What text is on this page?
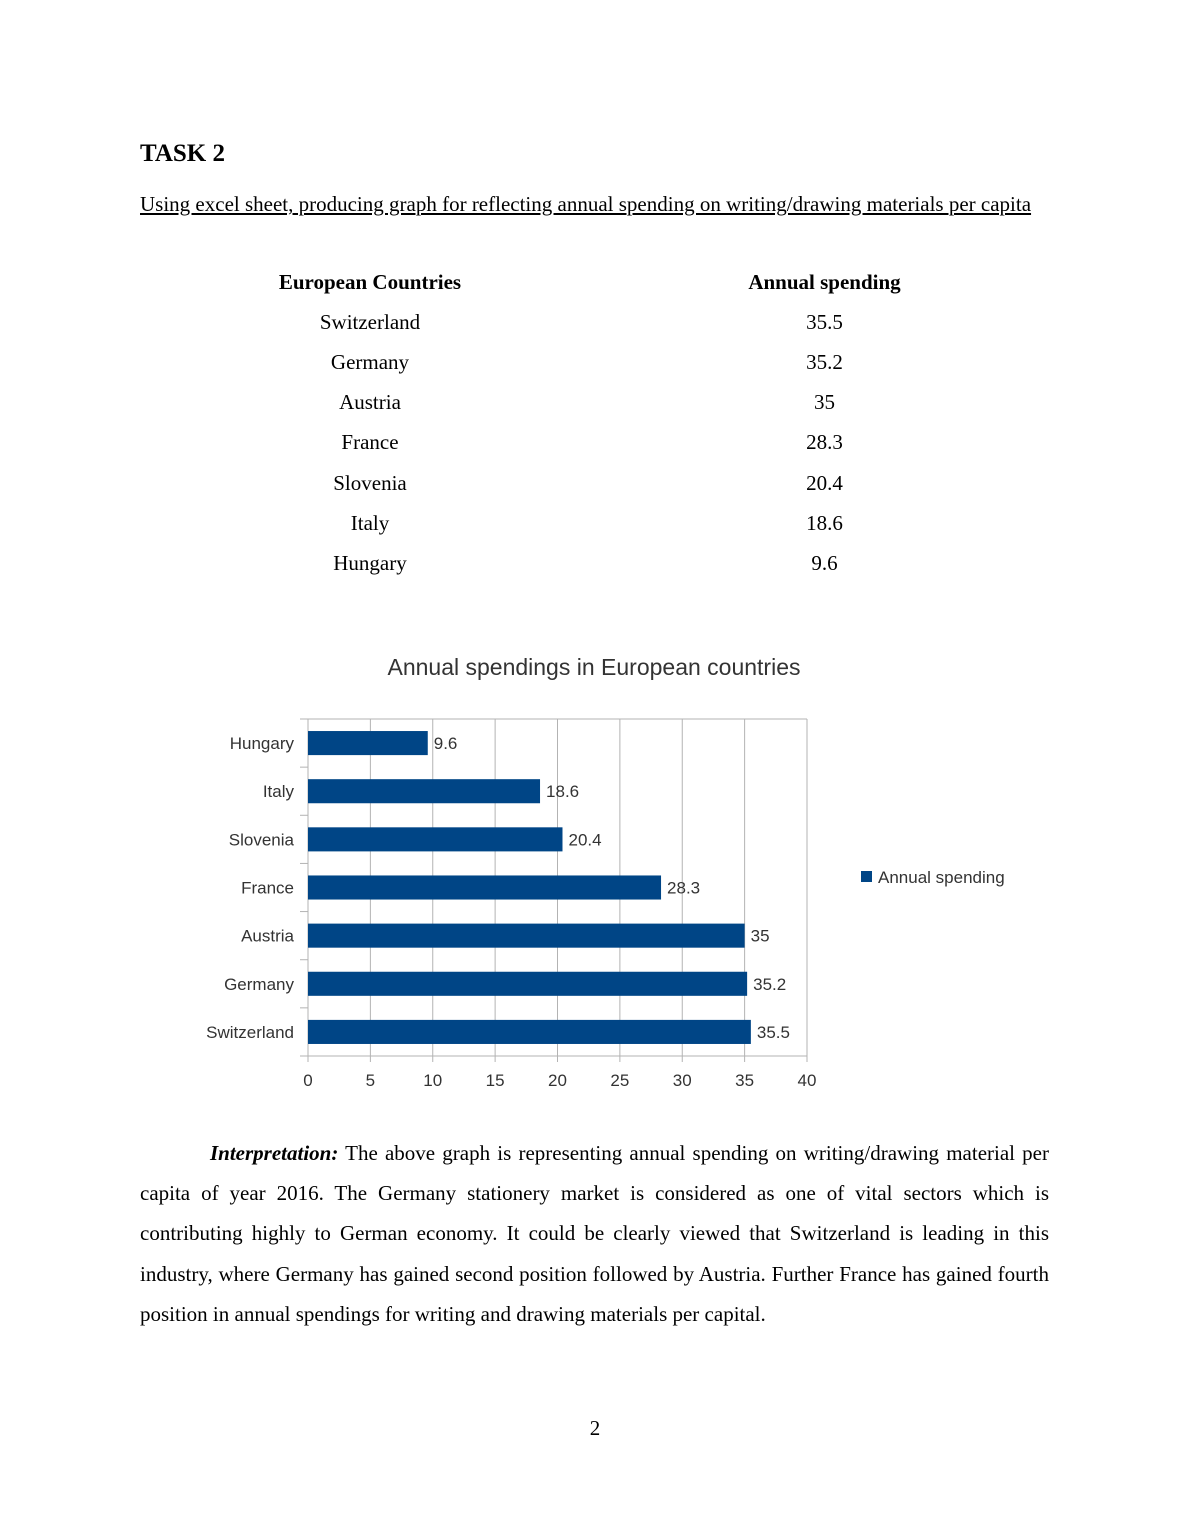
TASK 2
Using excel sheet, producing graph for reflecting annual spending on writing/drawing materials per capita
European Countries	Annual spending
Switzerland	35.5
Germany	35.2
Austria	35
France	28.3
Slovenia	20.4
Italy	18.6
Hungary	9.6
Annual spendings in European countries
0	5	10	15	20	25	30	35	40
Switzerland	35.5
Germany	35.2
Austria	35
France	28.3
Slovenia	20.4
Italy	18.6
Hungary	9.6
Annual spending

Interpretation: The above graph is representing annual spending on writing/drawing material per capita of year 2016. The Germany stationery market is considered as one of vital sectors which is contributing highly to German economy. It could be clearly viewed that Switzerland is leading in this industry, where Germany has gained second position followed by Austria. Further France has gained fourth position in annual spendings for writing and drawing materials per capital.

2
